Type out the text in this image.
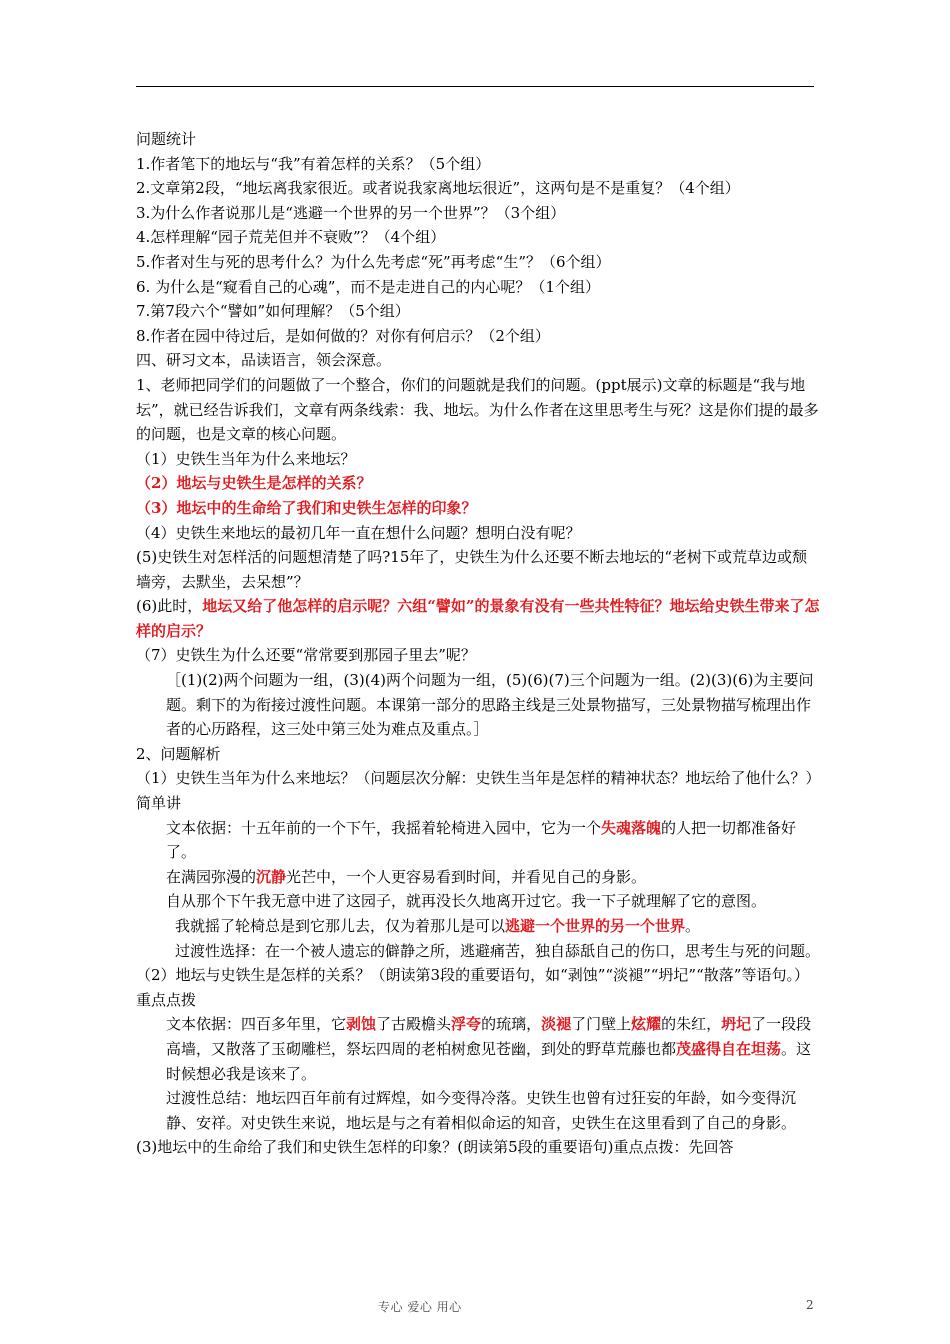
问题统计

1.作者笔下的地坛与“我”有着怎样的关系？（5个组）

2.文章第2段，“地坛离我家很近。或者说我家离地坛很近”，这两句是不是重复？（4个组）

3.为什么作者说那儿是“逃避一个世界的另一个世界”？（3个组）

4.怎样理解“园子荒芜但并不衰败”？（4个组）

5.作者对生与死的思考什么？为什么先考虑“死”再考虑“生”？（6个组）

6. 为什么是“窥看自己的心魂”，而不是走进自己的内心呢？（1个组）

7.第7段六个“譬如”如何理解？（5个组）

8.作者在园中待过后，是如何做的？对你有何启示？（2个组）

四、研习文本，品读语言，领会深意。

1、老师把同学们的问题做了一个整合，你们的问题就是我们的问题。(ppt展示)文章的标题是“我与地坛”，就已经告诉我们，文章有两条线索：我、地坛。为什么作者在这里思考生与死？这是你们提的最多的问题，也是文章的核心问题。

（1）史铁生当年为什么来地坛？

（2）地坛与史铁生是怎样的关系？

（3）地坛中的生命给了我们和史铁生怎样的印象？

（4）史铁生来地坛的最初几年一直在想什么问题？想明白没有呢？

(5)史铁生对怎样活的问题想清楚了吗?15年了，史铁生为什么还要不断去地坛的“老树下或荒草边或颓墙旁，去默坐，去呆想”？

(6)此时，地坛又给了他怎样的启示呢？六组“譬如”的景象有没有一些共性特征？地坛给史铁生带来了怎样的启示？

（7）史铁生为什么还要“常常要到那园子里去”呢？

［(1)(2)两个问题为一组，(3)(4)两个问题为一组，(5)(6)(7)三个问题为一组。(2)(3)(6)为主要问题。剩下的为衔接过渡性问题。本课第一部分的思路主线是三处景物描写，三处景物描写梳理出作者的心历路程，这三处中第三处为难点及重点。］

2、问题解析

（1）史铁生当年为什么来地坛？（问题层次分解：史铁生当年是怎样的精神状态？地坛给了他什么？）简单讲

文本依据：十五年前的一个下午，我摇着轮椅进入园中，它为一个失魂落魄的人把一切都准备好了。

在满园弥漫的沉静光芒中，一个人更容易看到时间，并看见自己的身影。

自从那个下午我无意中进了这园子，就再没长久地离开过它。我一下子就理解了它的意图。

我就摇了轮椅总是到它那儿去，仅为着那儿是可以逃避一个世界的另一个世界。

过渡性选择：在一个被人遗忘的僻静之所，逃避痛苦，独自舔舐自己的伤口，思考生与死的问题。

（2）地坛与史铁生是怎样的关系？（朗读第3段的重要语句，如“剥蚀”“淡褪”“坍圮”“散落”等语句。）重点点拨

文本依据：四百多年里，它剥蚀了古殿檐头浮夸的琉璃，淡褪了门壁上炫耀的朱红，坍圮了一段段高墙，又散落了玉砌雕栏，祭坛四周的老柏树愈见苍幽，到处的野草荒藤也都茂盛得自在坦荡。这时候想必我是该来了。

过渡性总结：地坛四百年前有过辉煌，如今变得冷落。史铁生也曾有过狂妄的年龄，如今变得沉静、安祥。对史铁生来说，地坛是与之有着相似命运的知音，史铁生在这里看到了自己的身影。

(3)地坛中的生命给了我们和史铁生怎样的印象？(朗读第5段的重要语句)重点点拨：先回答

专心 爱心 用心	2
